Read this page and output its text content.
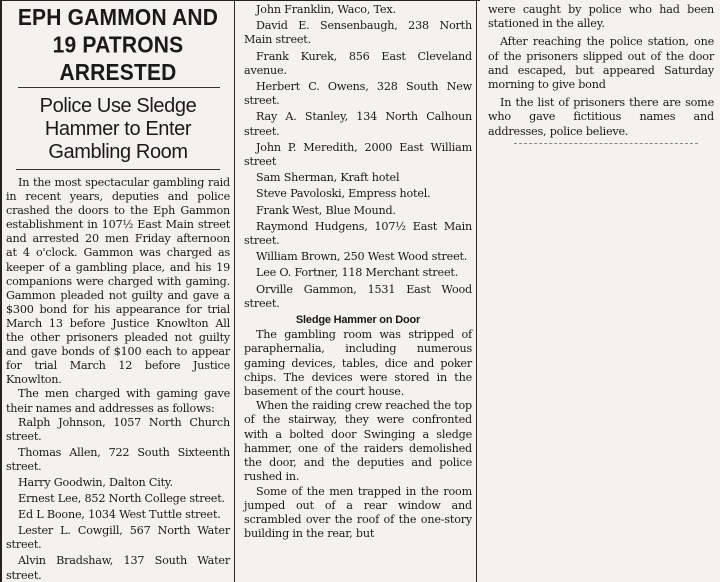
EPH GAMMON AND 19 PATRONS ARRESTED
Police Use Sledge Hammer to Enter Gambling Room

In the most spectacular gambling raid in recent years, deputies and police crashed the doors to the Eph Gammon establishment in 107½ East Main street and arrested 20 men Friday afternoon at 4 o'clock. Gammon was charged as keeper of a gambling place, and his 19 companions were charged with gaming. Gammon pleaded not guilty and gave a $300 bond for his appearance for trial March 13 before Justice Knowlton All the other prisoners pleaded not guilty and gave bonds of $100 each to appear for trial March 12 before Justice Knowlton.

The men charged with gaming gave their names and addresses as follows:

Ralph Johnson, 1057 North Church street.

Thomas Allen, 722 South Sixteenth street.

Harry Goodwin, Dalton City.

Ernest Lee, 852 North College street.

Ed L Boone, 1034 West Tuttle street.

Lester L. Cowgill, 567 North Water street.

Alvin Bradshaw, 137 South Water street.

John Franklin, Waco, Tex.

David E. Sensenbaugh, 238 North Main street.

Frank Kurek, 856 East Cleveland avenue.

Herbert C. Owens, 328 South New street.

Ray A. Stanley, 134 North Calhoun street.

John P. Meredith, 2000 East William street

Sam Sherman, Kraft hotel

Steve Pavoloski, Empress hotel.

Frank West, Blue Mound.

Raymond Hudgens, 107½ East Main street.

William Brown, 250 West Wood street.

Lee O. Fortner, 118 Merchant street.

Orville Gammon, 1531 East Wood street.

Sledge Hammer on Door

The gambling room was stripped of paraphernalia, including numerous gaming devices, tables, dice and poker chips. The devices were stored in the basement of the court house.

When the raiding crew reached the top of the stairway, they were confronted with a bolted door Swinging a sledge hammer, one of the raiders demolished the door, and the deputies and police rushed in.

Some of the men trapped in the room jumped out of a rear window and scrambled over the roof of the one-story building in the rear, but

were caught by police who had been stationed in the alley.

After reaching the police station, one of the prisoners slipped out of the door and escaped, but appeared Saturday morning to give bond

In the list of prisoners there are some who gave fictitious names and addresses, police believe.
